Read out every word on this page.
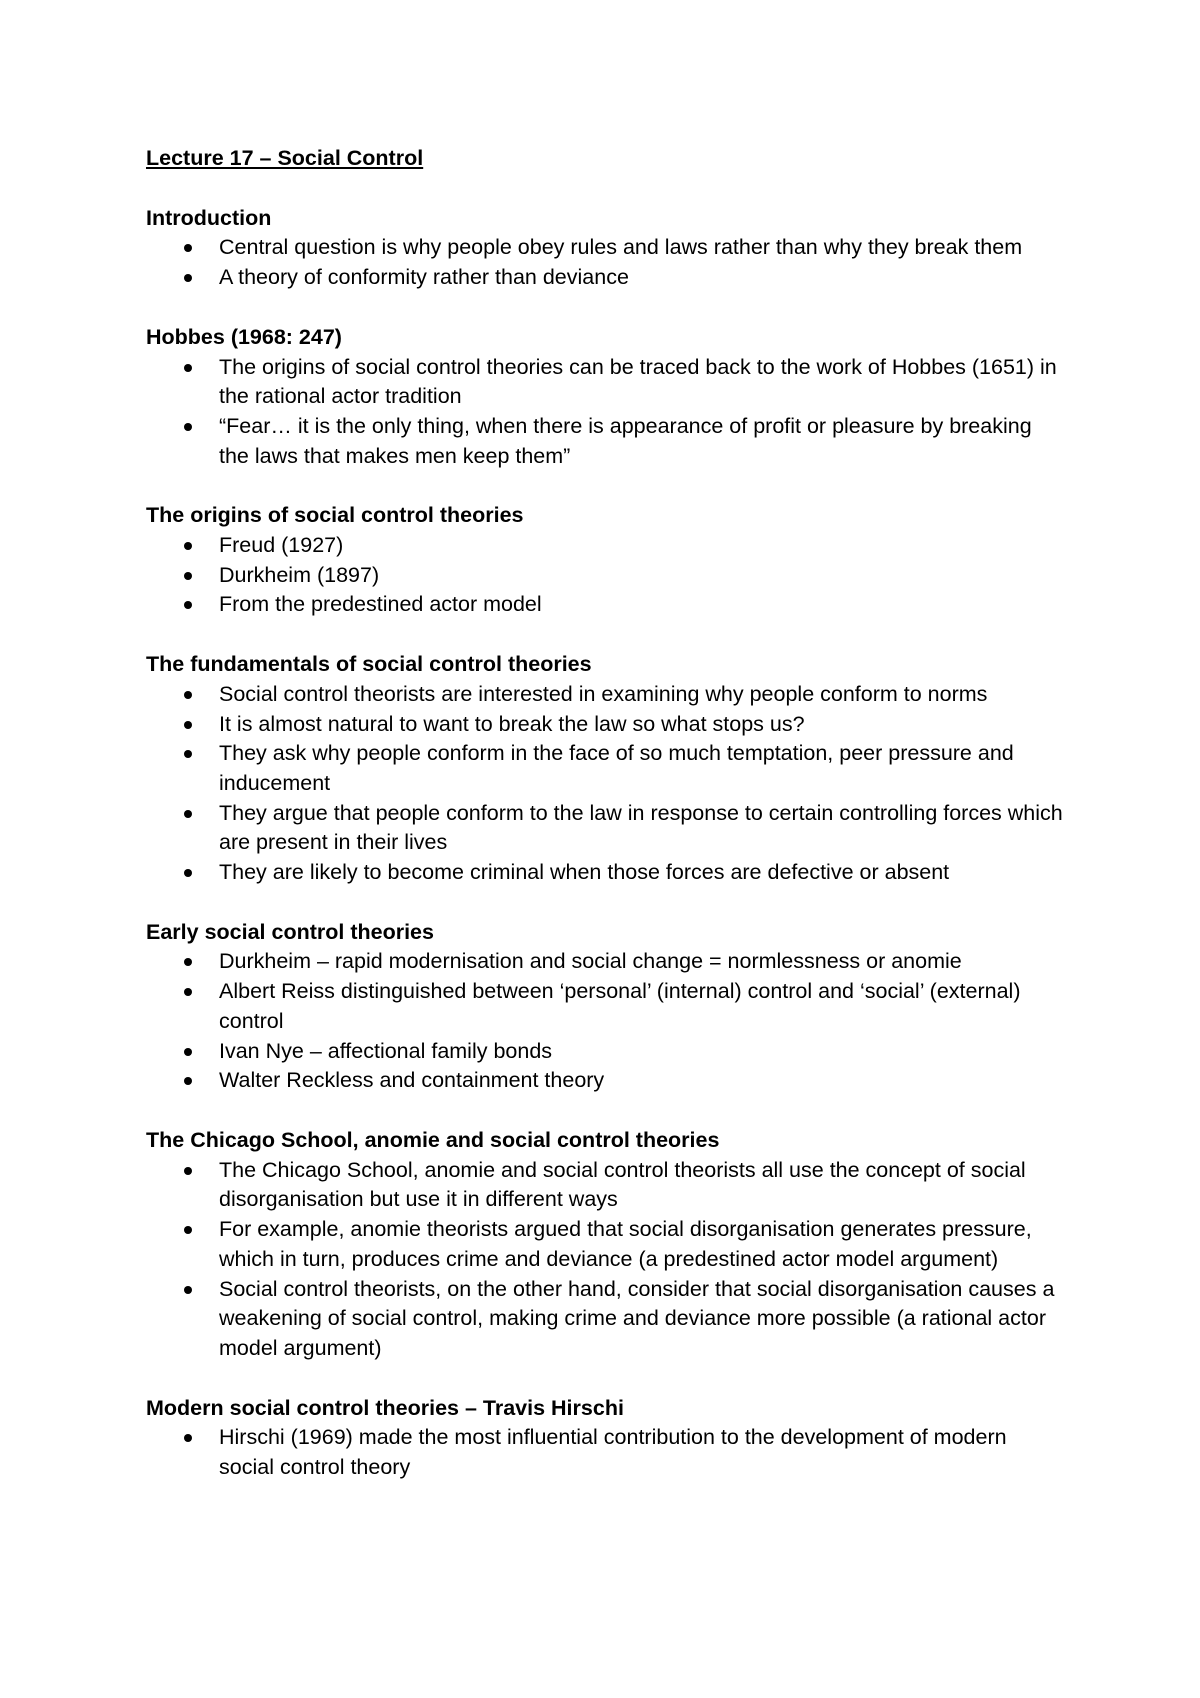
Lecture 17 – Social Control
Introduction
Central question is why people obey rules and laws rather than why they break them
A theory of conformity rather than deviance
Hobbes (1968: 247)
The origins of social control theories can be traced back to the work of Hobbes (1651) in the rational actor tradition
“Fear… it is the only thing, when there is appearance of profit or pleasure by breaking the laws that makes men keep them”
The origins of social control theories
Freud (1927)
Durkheim (1897)
From the predestined actor model
The fundamentals of social control theories
Social control theorists are interested in examining why people conform to norms
It is almost natural to want to break the law so what stops us?
They ask why people conform in the face of so much temptation, peer pressure and inducement
They argue that people conform to the law in response to certain controlling forces which are present in their lives
They are likely to become criminal when those forces are defective or absent
Early social control theories
Durkheim – rapid modernisation and social change = normlessness or anomie
Albert Reiss distinguished between ‘personal’ (internal) control and ‘social’ (external) control
Ivan Nye – affectional family bonds
Walter Reckless and containment theory
The Chicago School, anomie and social control theories
The Chicago School, anomie and social control theorists all use the concept of social disorganisation but use it in different ways
For example, anomie theorists argued that social disorganisation generates pressure, which in turn, produces crime and deviance (a predestined actor model argument)
Social control theorists, on the other hand, consider that social disorganisation causes a weakening of social control, making crime and deviance more possible (a rational actor model argument)
Modern social control theories – Travis Hirschi
Hirschi (1969) made the most influential contribution to the development of modern social control theory
